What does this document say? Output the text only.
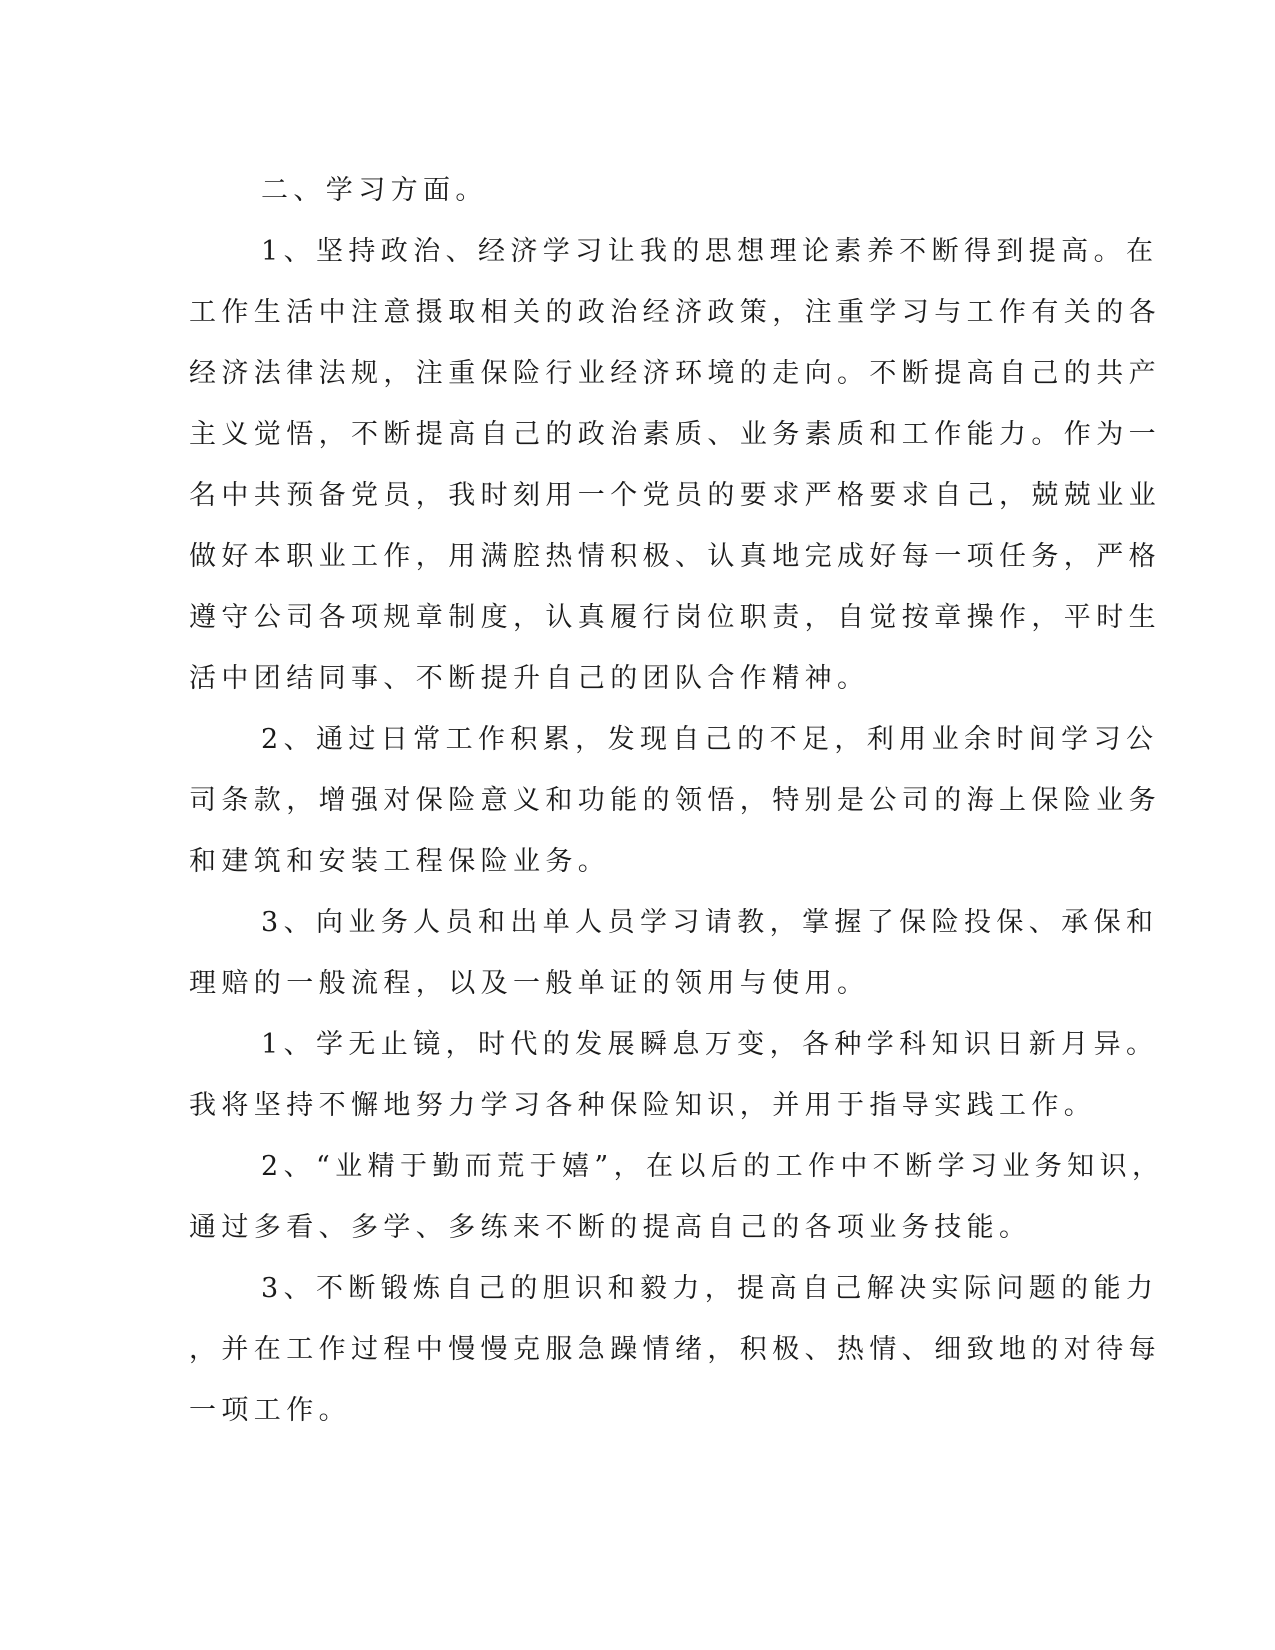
二、学习方面。
1、坚持政治、经济学习让我的思想理论素养不断得到提高。在
工作生活中注意摄取相关的政治经济政策，注重学习与工作有关的各
经济法律法规，注重保险行业经济环境的走向。不断提高自己的共产
主义觉悟，不断提高自己的政治素质、业务素质和工作能力。作为一
名中共预备党员，我时刻用一个党员的要求严格要求自己，兢兢业业
做好本职业工作，用满腔热情积极、认真地完成好每一项任务，严格
遵守公司各项规章制度，认真履行岗位职责，自觉按章操作，平时生
活中团结同事、不断提升自己的团队合作精神。
2、通过日常工作积累，发现自己的不足，利用业余时间学习公
司条款，增强对保险意义和功能的领悟，特别是公司的海上保险业务
和建筑和安装工程保险业务。
3、向业务人员和出单人员学习请教，掌握了保险投保、承保和
理赔的一般流程，以及一般单证的领用与使用。
1、学无止镜，时代的发展瞬息万变，各种学科知识日新月异。
我将坚持不懈地努力学习各种保险知识，并用于指导实践工作。
2、“业精于勤而荒于嬉”，在以后的工作中不断学习业务知识，
通过多看、多学、多练来不断的提高自己的各项业务技能。
3、不断锻炼自己的胆识和毅力，提高自己解决实际问题的能力
，并在工作过程中慢慢克服急躁情绪，积极、热情、细致地的对待每
一项工作。
